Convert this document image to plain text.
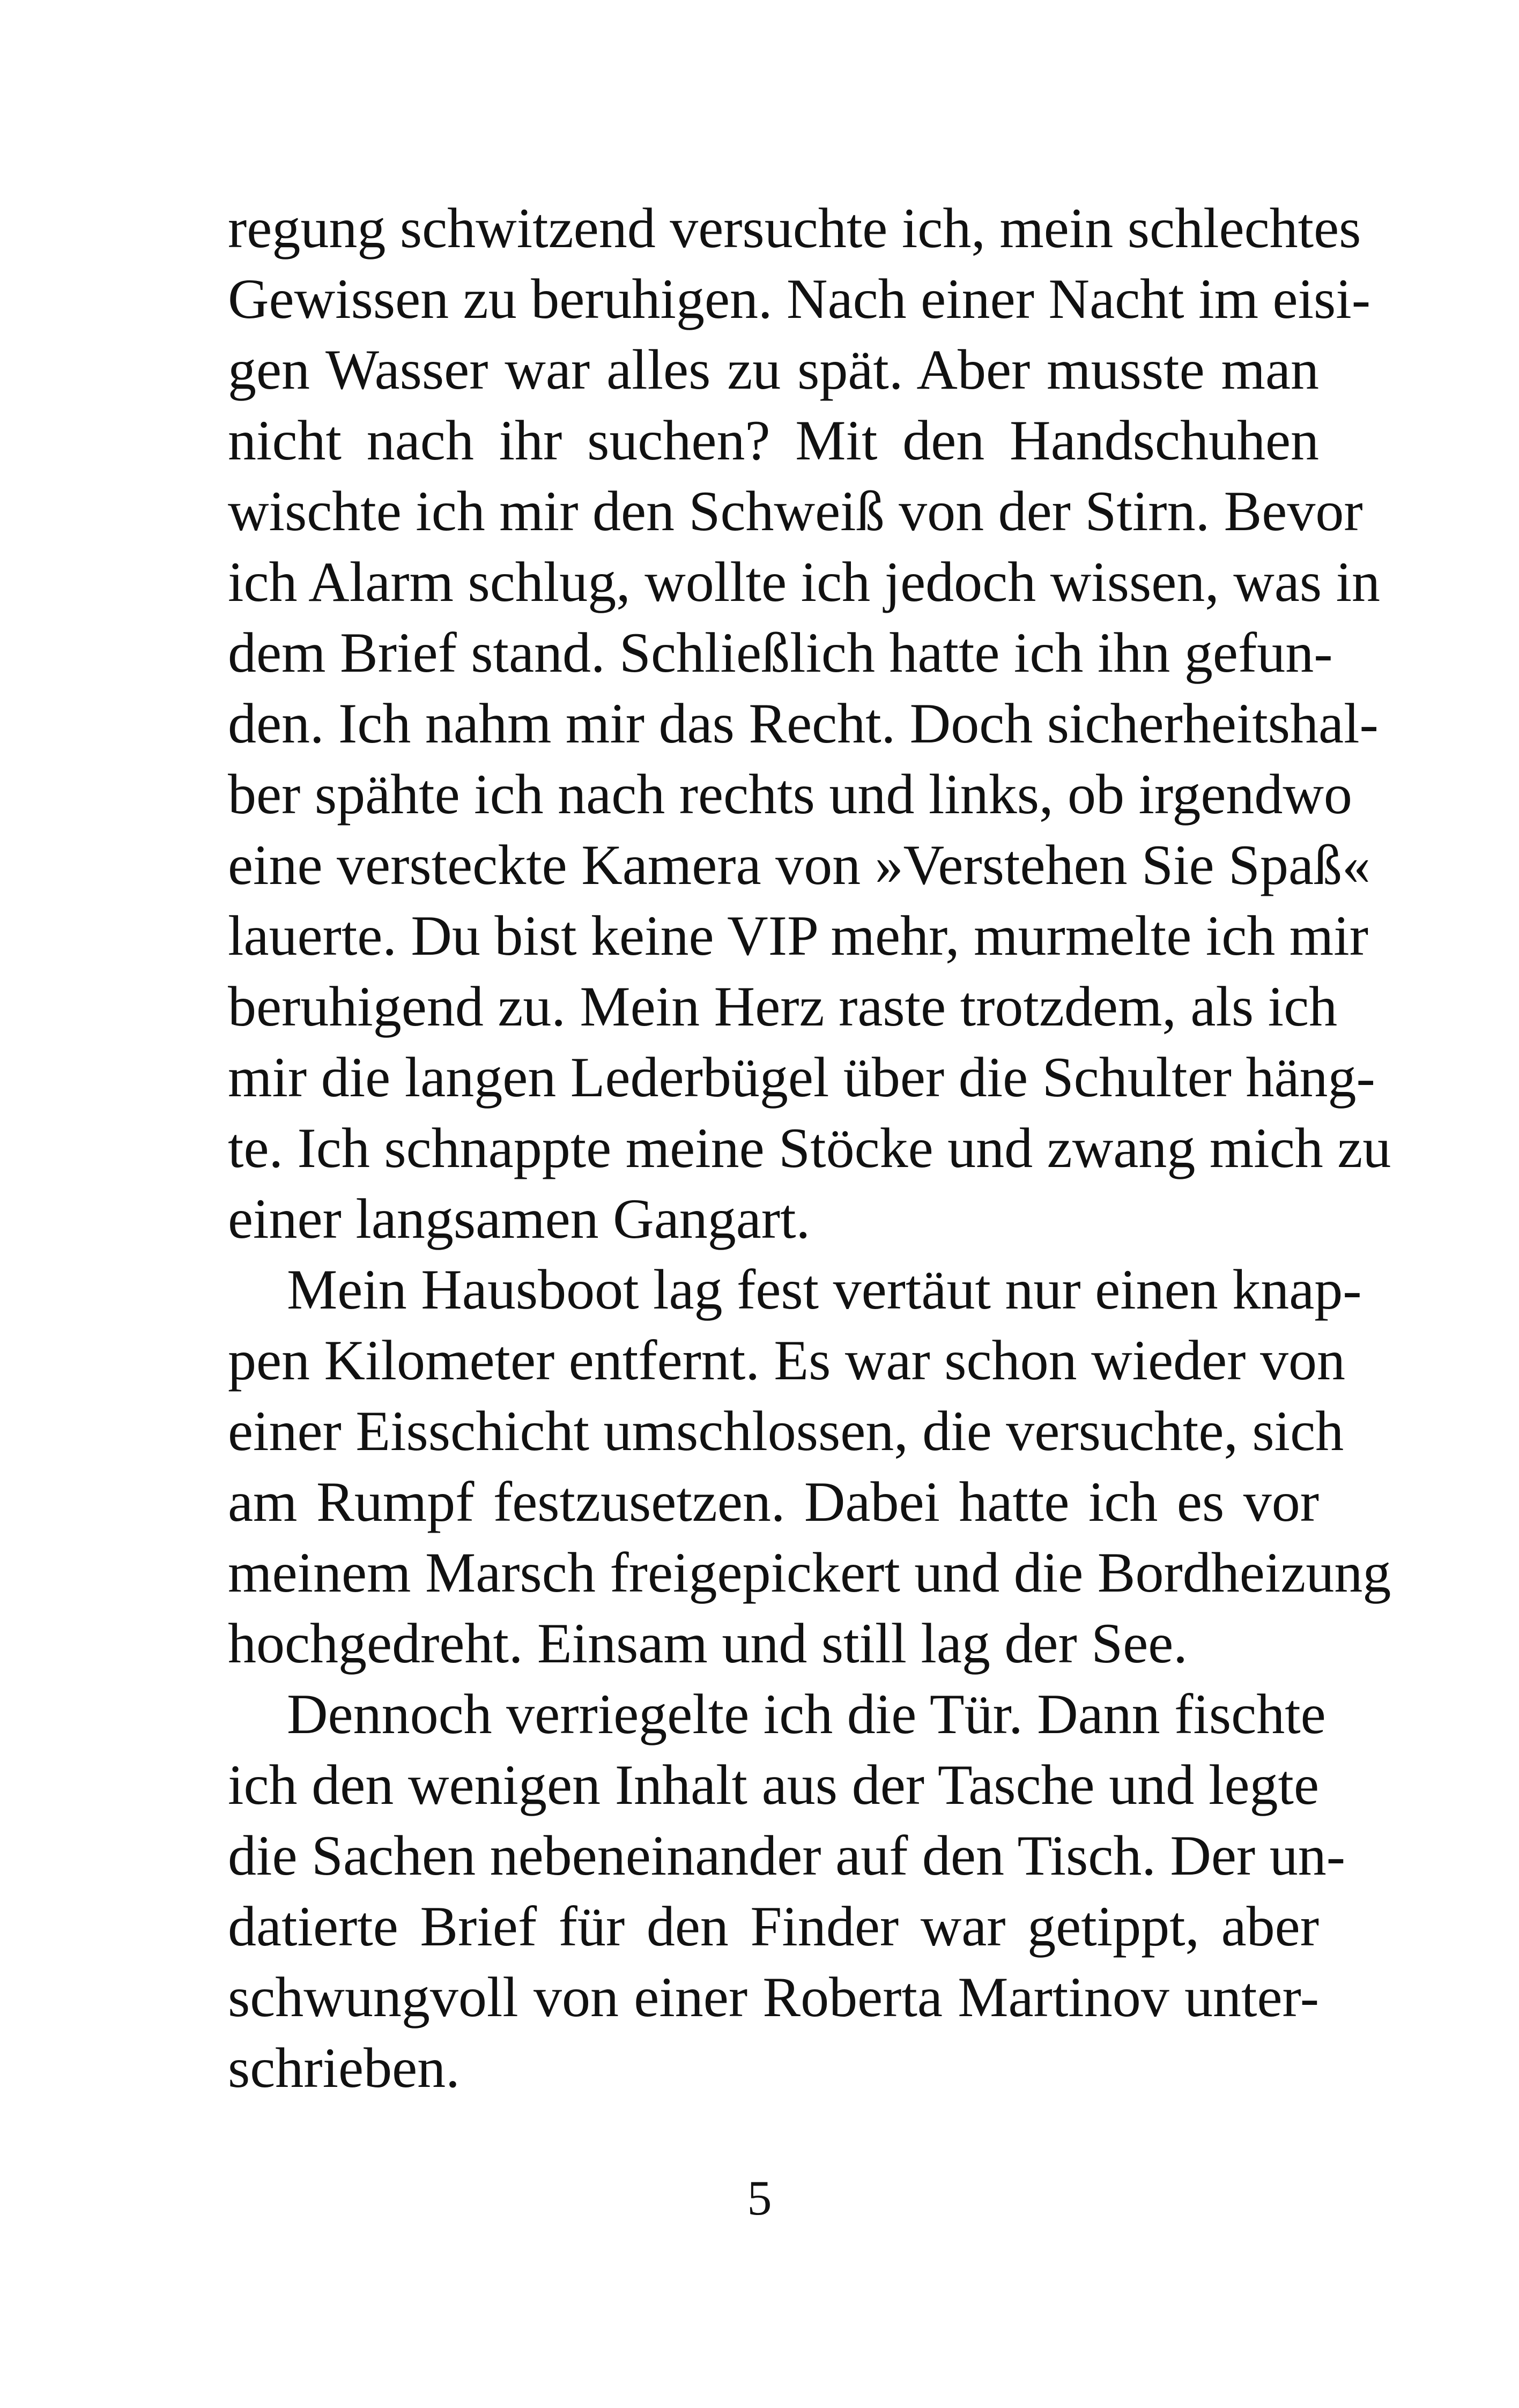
regung schwitzend versuchte ich, mein schlechtes
Gewissen zu beruhigen. Nach einer Nacht im eisi-
gen Wasser war alles zu spät. Aber musste man
nicht nach ihr suchen? Mit den Handschuhen
wischte ich mir den Schweiß von der Stirn. Bevor
ich Alarm schlug, wollte ich jedoch wissen, was in
dem Brief stand. Schließlich hatte ich ihn gefun-
den. Ich nahm mir das Recht. Doch sicherheitshal-
ber spähte ich nach rechts und links, ob irgendwo
eine versteckte Kamera von »Verstehen Sie Spaß«
lauerte. Du bist keine VIP mehr, murmelte ich mir
beruhigend zu. Mein Herz raste trotzdem, als ich
mir die langen Lederbügel über die Schulter häng-
te. Ich schnappte meine Stöcke und zwang mich zu
einer langsamen Gangart.
Mein Hausboot lag fest vertäut nur einen knap-
pen Kilometer entfernt. Es war schon wieder von
einer Eisschicht umschlossen, die versuchte, sich
am Rumpf festzusetzen. Dabei hatte ich es vor
meinem Marsch freigepickert und die Bordheizung
hochgedreht. Einsam und still lag der See.
Dennoch verriegelte ich die Tür. Dann fischte
ich den wenigen Inhalt aus der Tasche und legte
die Sachen nebeneinander auf den Tisch. Der un-
datierte Brief für den Finder war getippt, aber
schwungvoll von einer Roberta Martinov unter-
schrieben.
5
